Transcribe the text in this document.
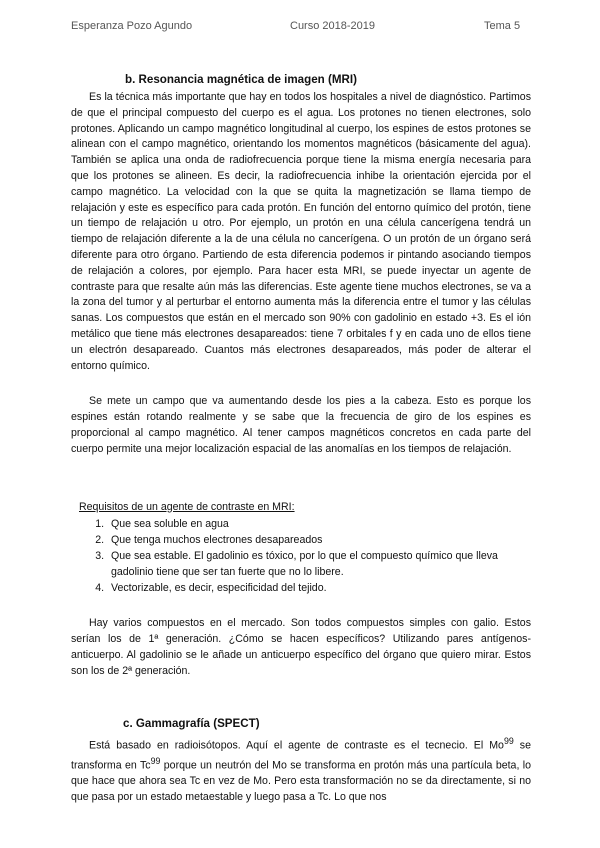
Esperanza Pozo Agundo	Curso 2018-2019	Tema 5
b. Resonancia magnética de imagen (MRI)

Es la técnica más importante que hay en todos los hospitales a nivel de diagnóstico. Partimos de que el principal compuesto del cuerpo es el agua. Los protones no tienen electrones, solo protones. Aplicando un campo magnético longitudinal al cuerpo, los espines de estos protones se alinean con el campo magnético, orientando los momentos magnéticos (básicamente del agua). También se aplica una onda de radiofrecuencia porque tiene la misma energía necesaria para que los protones se alineen. Es decir, la radiofrecuencia inhibe la orientación ejercida por el campo magnético. La velocidad con la que se quita la magnetización se llama tiempo de relajación y este es específico para cada protón. En función del entorno químico del protón, tiene un tiempo de relajación u otro. Por ejemplo, un protón en una célula cancerígena tendrá un tiempo de relajación diferente a la de una célula no cancerígena. O un protón de un órgano será diferente para otro órgano. Partiendo de esta diferencia podemos ir pintando asociando tiempos de relajación a colores, por ejemplo. Para hacer esta MRI, se puede inyectar un agente de contraste para que resalte aún más las diferencias. Este agente tiene muchos electrones, se va a la zona del tumor y al perturbar el entorno aumenta más la diferencia entre el tumor y las células sanas. Los compuestos que están en el mercado son 90% con gadolinio en estado +3. Es el ión metálico que tiene más electrones desapareados: tiene 7 orbitales f y en cada uno de ellos tiene un electrón desapareado. Cuantos más electrones desapareados, más poder de alterar el entorno químico.

Se mete un campo que va aumentando desde los pies a la cabeza. Esto es porque los espines están rotando realmente y se sabe que la frecuencia de giro de los espines es proporcional al campo magnético. Al tener campos magnéticos concretos en cada parte del cuerpo permite una mejor localización espacial de las anomalías en los tiempos de relajación.

Requisitos de un agente de contraste en MRI:
1. Que sea soluble en agua
2. Que tenga muchos electrones desapareados
3. Que sea estable. El gadolinio es tóxico, por lo que el compuesto químico que lleva gadolinio tiene que ser tan fuerte que no lo libere.
4. Vectorizable, es decir, especificidad del tejido.

Hay varios compuestos en el mercado. Son todos compuestos simples con galio. Estos serían los de 1ª generación. ¿Cómo se hacen específicos? Utilizando pares antígenos-anticuerpo. Al gadolinio se le añade un anticuerpo específico del órgano que quiero mirar. Estos son los de 2ª generación.

c. Gammagrafía (SPECT)

Está basado en radioisótopos. Aquí el agente de contraste es el tecnecio. El Mo$^{99}$ se transforma en Tc$^{99}$ porque un neutrón del Mo se transforma en protón más una partícula beta, lo que hace que ahora sea Tc en vez de Mo. Pero esta transformación no se da directamente, si no que pasa por un estado metaestable y luego pasa a Tc. Lo que nos
